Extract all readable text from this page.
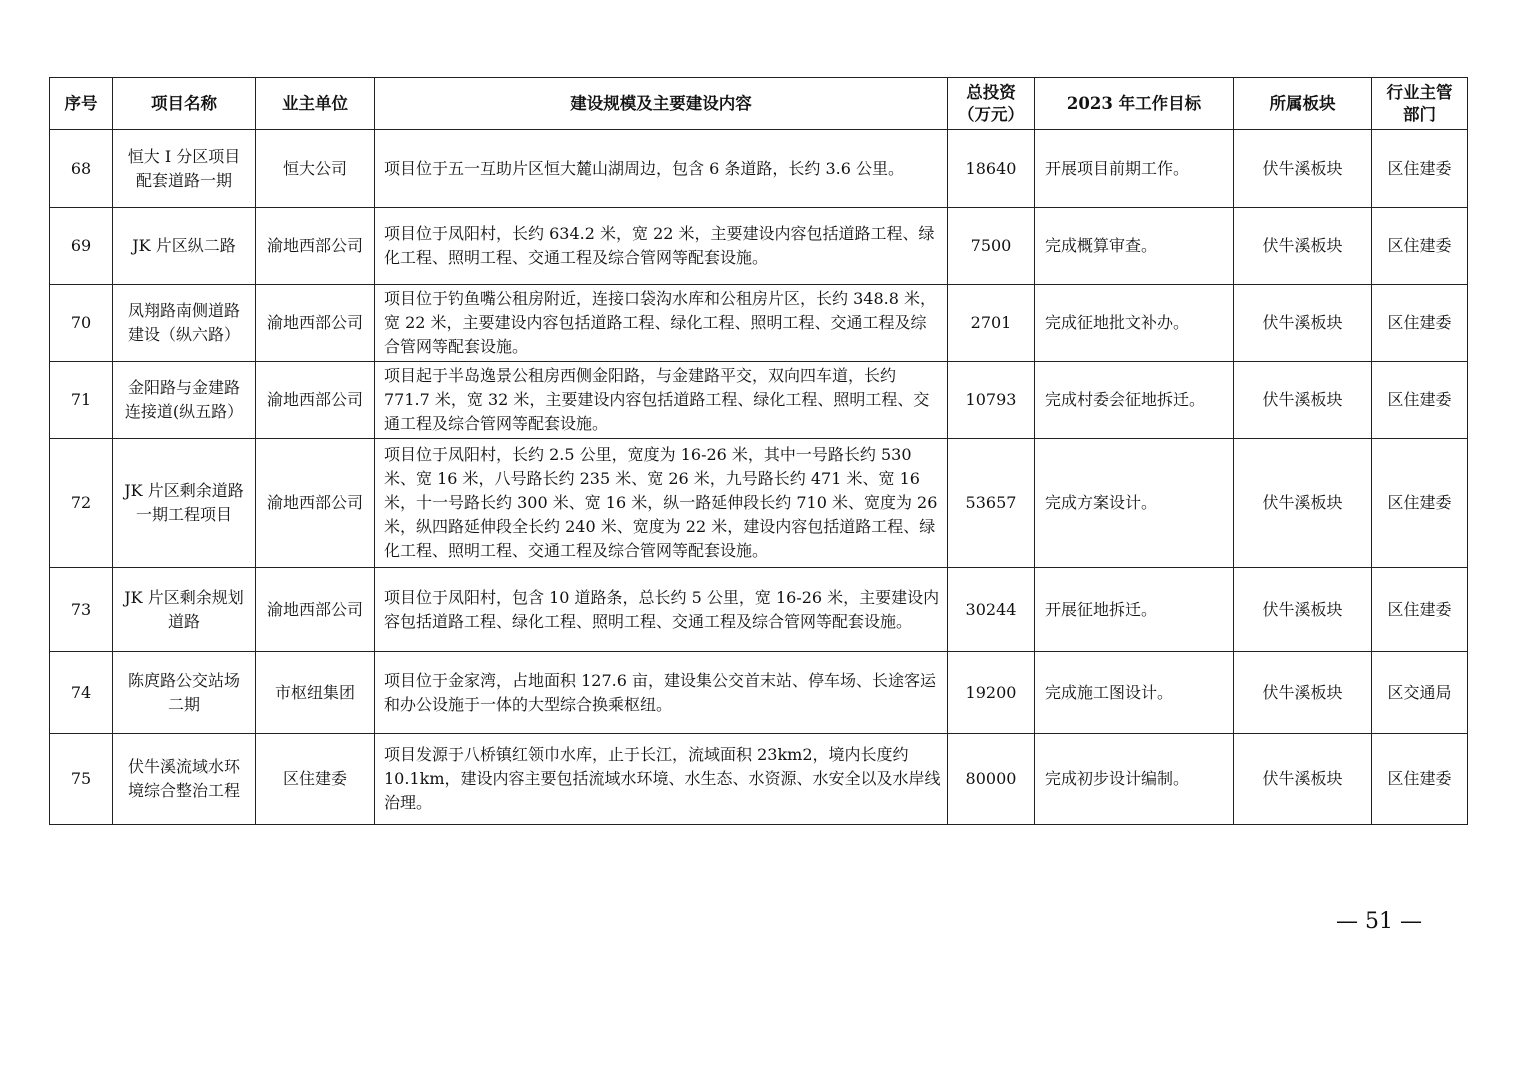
序号	项目名称	业主单位	建设规模及主要建设内容	总投资（万元）	2023 年工作目标	所属板块	行业主管部门
68	恒大 I 分区项目配套道路一期	恒大公司	项目位于五一互助片区恒大麓山湖周边，包含 6 条道路，长约 3.6 公里。	18640	开展项目前期工作。	伏牛溪板块	区住建委
69	JK 片区纵二路	渝地西部公司	项目位于凤阳村，长约 634.2 米，宽 22 米，主要建设内容包括道路工程、绿化工程、照明工程、交通工程及综合管网等配套设施。	7500	完成概算审查。	伏牛溪板块	区住建委
70	凤翔路南侧道路建设（纵六路）	渝地西部公司	项目位于钓鱼嘴公租房附近，连接口袋沟水库和公租房片区，长约 348.8 米，宽 22 米，主要建设内容包括道路工程、绿化工程、照明工程、交通工程及综合管网等配套设施。	2701	完成征地批文补办。	伏牛溪板块	区住建委
71	金阳路与金建路连接道(纵五路）	渝地西部公司	项目起于半岛逸景公租房西侧金阳路，与金建路平交，双向四车道，长约 771.7 米，宽 32 米，主要建设内容包括道路工程、绿化工程、照明工程、交通工程及综合管网等配套设施。	10793	完成村委会征地拆迁。	伏牛溪板块	区住建委
72	JK 片区剩余道路一期工程项目	渝地西部公司	项目位于凤阳村，长约 2.5 公里，宽度为 16-26 米，其中一号路长约 530 米、宽 16 米，八号路长约 235 米、宽 26 米，九号路长约 471 米、宽 16 米，十一号路长约 300 米、宽 16 米，纵一路延伸段长约 710 米、宽度为 26 米，纵四路延伸段全长约 240 米、宽度为 22 米，建设内容包括道路工程、绿化工程、照明工程、交通工程及综合管网等配套设施。	53657	完成方案设计。	伏牛溪板块	区住建委
73	JK 片区剩余规划道路	渝地西部公司	项目位于凤阳村，包含 10 道路条，总长约 5 公里，宽 16-26 米，主要建设内容包括道路工程、绿化工程、照明工程、交通工程及综合管网等配套设施。	30244	开展征地拆迁。	伏牛溪板块	区住建委
74	陈庹路公交站场二期	市枢纽集团	项目位于金家湾，占地面积 127.6 亩，建设集公交首末站、停车场、长途客运和办公设施于一体的大型综合换乘枢纽。	19200	完成施工图设计。	伏牛溪板块	区交通局
75	伏牛溪流域水环境综合整治工程	区住建委	项目发源于八桥镇红领巾水库，止于长江，流域面积 23km2，境内长度约 10.1km，建设内容主要包括流域水环境、水生态、水资源、水安全以及水岸线治理。	80000	完成初步设计编制。	伏牛溪板块	区住建委
— 51 —
